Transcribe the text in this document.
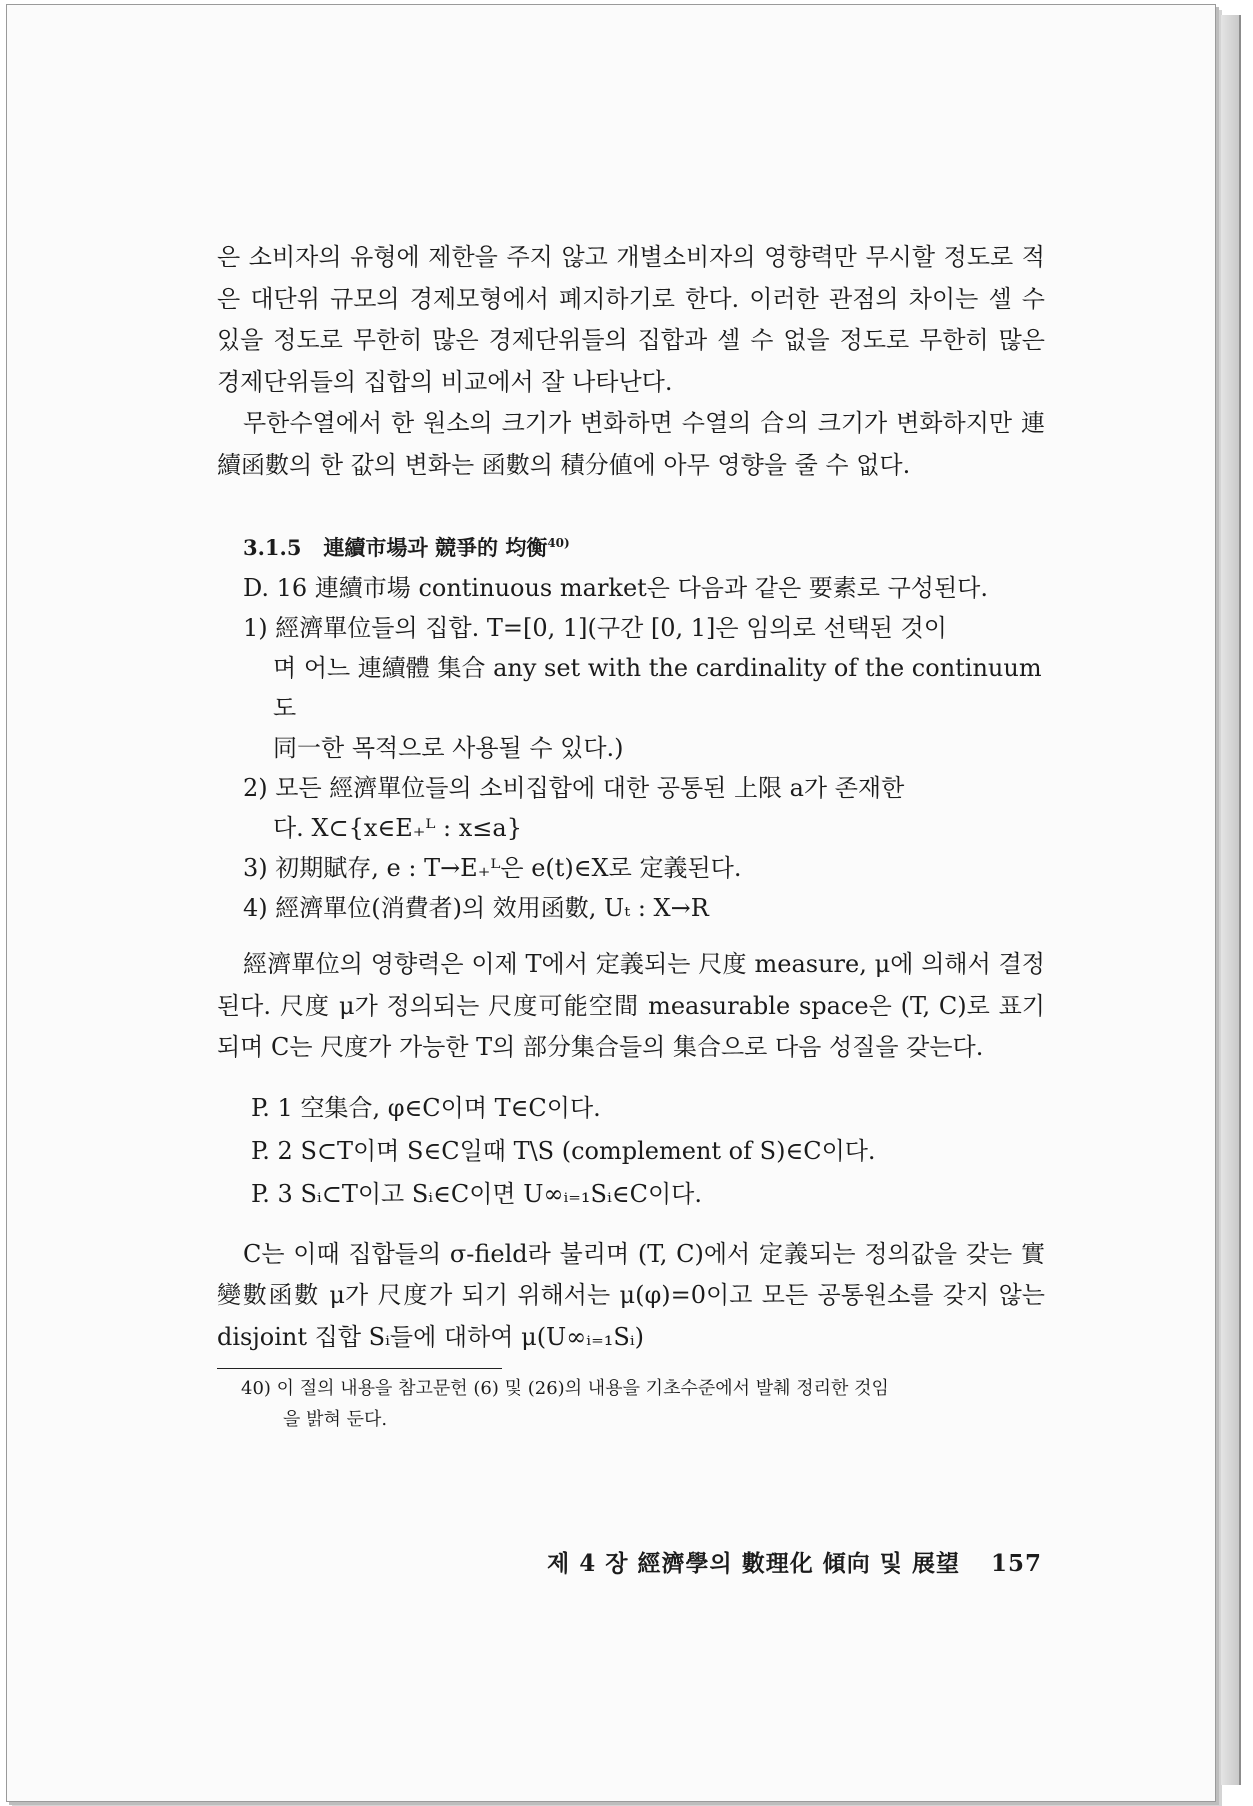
은 소비자의 유형에 제한을 주지 않고 개별소비자의 영향력만 무시할 정도로 적은 대단위 규모의 경제모형에서 폐지하기로 한다. 이러한 관점의 차이는 셀 수 있을 정도로 무한히 많은 경제단위들의 집합과 셀 수 없을 정도로 무한히 많은 경제단위들의 집합의 비교에서 잘 나타난다.

무한수열에서 한 원소의 크기가 변화하면 수열의 合의 크기가 변화하지만 連續函數의 한 값의 변화는 函數의 積分値에 아무 영향을 줄 수 없다.

3.1.5 連續市場과 競爭的 均衡$^{40)}$
D. 16 連續市場 continuous market은 다음과 같은 要素로 구성된다.
1) 經濟單位들의 집합. T=[0, 1](구간 [0, 1]은 임의로 선택된 것이
며 어느 連續體 集合 any set with the cardinality of the continuum도
同一한 목적으로 사용될 수 있다.)
2) 모든 經濟單位들의 소비집합에 대한 공통된 上限 a가 존재한
다. X⊂{x∈E₊ᴸ : x≤a}
3) 初期賦存, e : T→E₊ᴸ은 e(t)∈X로 定義된다.
4) 經濟單位(消費者)의 效用函數, Uₜ : X→R

經濟單位의 영향력은 이제 T에서 定義되는 尺度 measure, μ에 의해서 결정된다. 尺度 μ가 정의되는 尺度可能空間 measurable space은 (T, C)로 표기되며 C는 尺度가 가능한 T의 部分集合들의 集合으로 다음 성질을 갖는다.

P. 1 空集合, φ∈C이며 T∈C이다.
P. 2 S⊂T이며 S∈C일때 T\S (complement of S)∈C이다.
P. 3 Sᵢ⊂T이고 Sᵢ∈C이면 U∞ᵢ₌₁Sᵢ∈C이다.

C는 이때 집합들의 σ-field라 불리며 (T, C)에서 定義되는 정의값을 갖는 實變數函數 μ가 尺度가 되기 위해서는 μ(φ)=0이고 모든 공통원소를 갖지 않는 disjoint 집합 Sᵢ들에 대하여 μ(U∞ᵢ₌₁Sᵢ)

40) 이 절의 내용을 참고문헌 (6) 및 (26)의 내용을 기초수준에서 발췌 정리한 것임
을 밝혀 둔다.
제 4 장 經濟學의 數理化 傾向 및 展望 157
